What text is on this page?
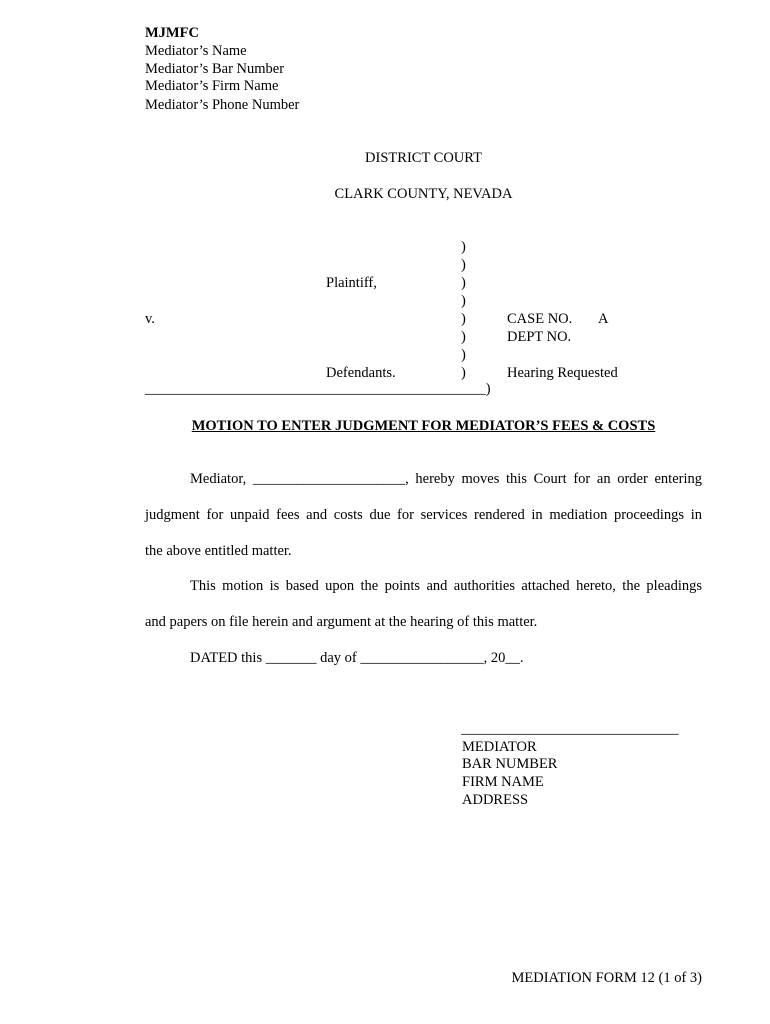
MJMFC
Mediator’s Name
Mediator’s Bar Number
Mediator’s Firm Name
Mediator’s Phone Number
DISTRICT COURT
CLARK COUNTY, NEVADA
)
)
)
)
)
)
)
)
_______________________________________________)
Plaintiff,
v.
Defendants.
CASE NO. A
DEPT NO.
Hearing Requested
MOTION TO ENTER JUDGMENT FOR MEDIATOR’S FEES & COSTS
Mediator, _____________________, hereby moves this Court for an order entering
judgment for unpaid fees and costs due for services rendered in mediation proceedings in
the above entitled matter.
This motion is based upon the points and authorities attached hereto, the pleadings
and papers on file herein and argument at the hearing of this matter.
DATED this _______ day of _________________, 20__.
______________________________
MEDIATOR
BAR NUMBER
FIRM NAME
ADDRESS
MEDIATION FORM 12 (1 of 3)
